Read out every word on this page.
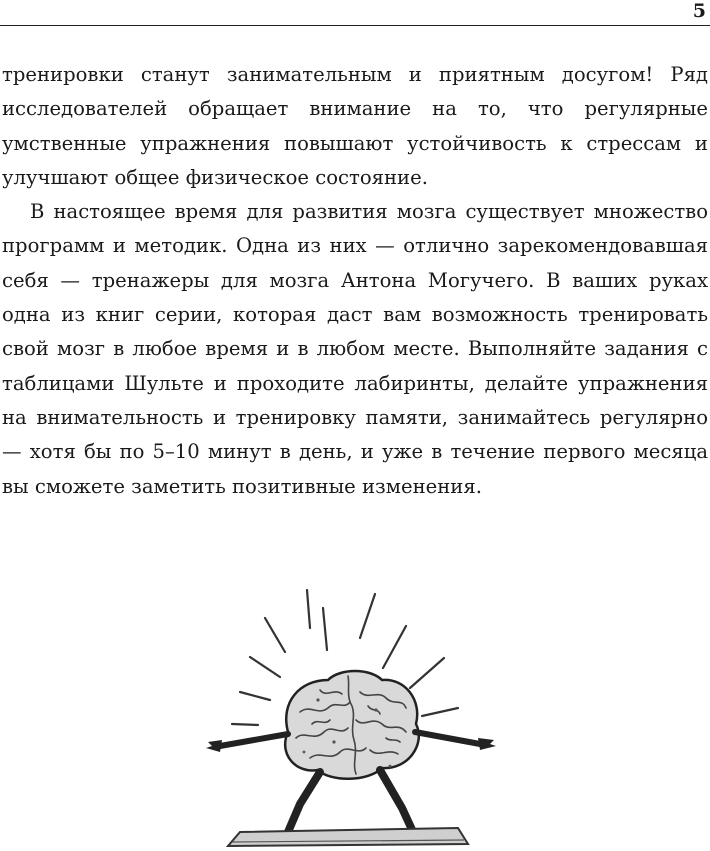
5

тренировки станут занимательным и приятным досугом! Ряд исследователей обращает внимание на то, что регулярные умственные упражнения повышают устойчивость к стрессам и улучшают общее физическое состояние.

В настоящее время для развития мозга существует множество программ и методик. Одна из них — отлично зарекомендовавшая себя — тренажеры для мозга Антона Могучего. В ваших руках одна из книг серии, которая даст вам возможность тренировать свой мозг в любое время и в любом месте. Выполняйте задания с таблицами Шульте и проходите лабиринты, делайте упражнения на внимательность и тренировку памяти, занимайтесь регулярно — хотя бы по 5–10 минут в день, и уже в течение первого месяца вы сможете заметить позитивные изменения.
